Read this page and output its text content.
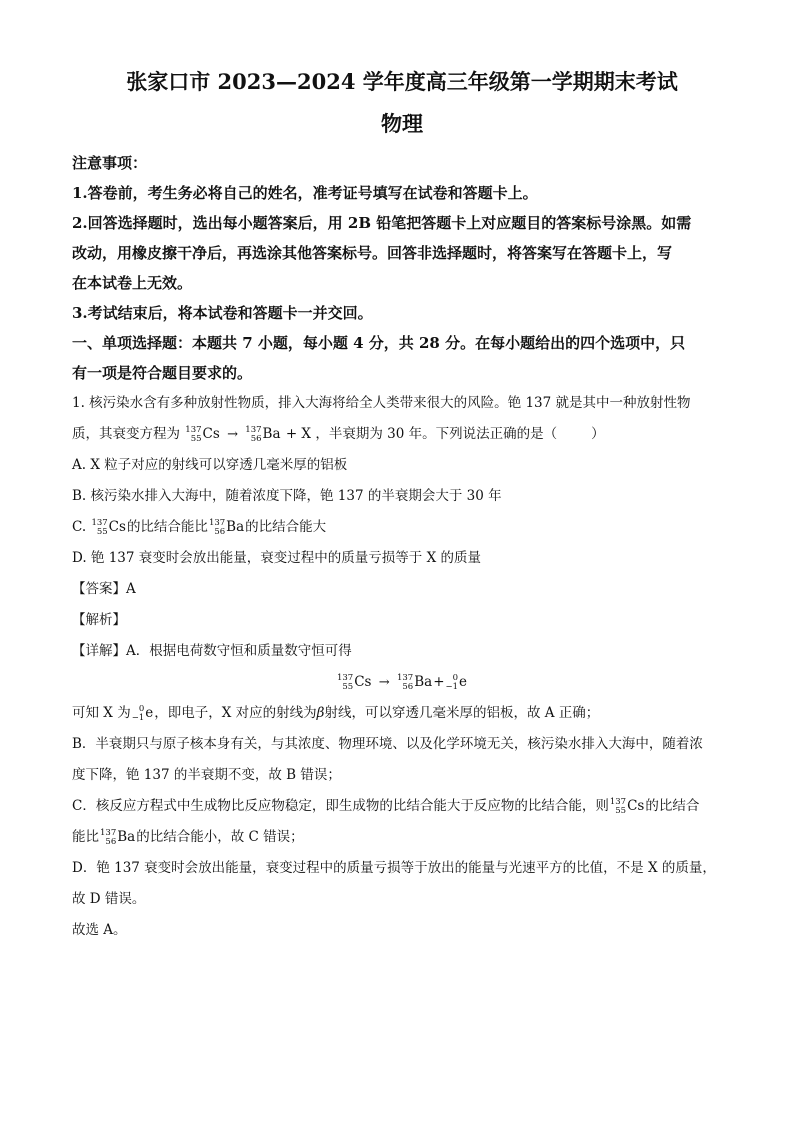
张家口市 2023—2024 学年度高三年级第一学期期末考试

物理

注意事项：

1.答卷前，考生务必将自己的姓名，准考证号填写在试卷和答题卡上。

2.回答选择题时，选出每小题答案后，用 2B 铅笔把答题卡上对应题目的答案标号涂黑。如需

改动，用橡皮擦干净后，再选涂其他答案标号。回答非选择题时，将答案写在答题卡上，写

在本试卷上无效。

3.考试结束后，将本试卷和答题卡一并交回。

一、单项选择题：本题共 7 小题，每小题 4 分，共 28 分。在每小题给出的四个选项中，只

有一项是符合题目要求的。

1. 核污染水含有多种放射性物质，排入大海将给全人类带来很大的风险。铯 137 就是其中一种放射性物

质，其衰变方程为 137
55 Cs → 137
56 Ba + X ，半衰期为 30 年。下列说法正确的是（	）

A. X 粒子对应的射线可以穿透几毫米厚的铝板

B. 核污染水排入大海中，随着浓度下降，铯 137 的半衰期会大于 30 年

C. 137
55 Cs 的比结合能比 137
56 Ba 的比结合能大

D. 铯 137 衰变时会放出能量，衰变过程中的质量亏损等于 X 的质量

【答案】A

【解析】

【详解】A．根据电荷数守恒和质量数守恒可得

137
55 Cs → 137
56 Ba + 0
−1 e

可知 X 为 0
−1 e ，即电子，X 对应的射线为β射线，可以穿透几毫米厚的铝板，故 A 正确；

B．半衰期只与原子核本身有关，与其浓度、物理环境、以及化学环境无关，核污染水排入大海中，随着浓

度下降，铯 137 的半衰期不变，故 B 错误；

C．核反应方程式中生成物比反应物稳定，即生成物的比结合能大于反应物的比结合能，则 137
55 Cs 的比结合

能比 137
56 Ba 的比结合能小，故 C 错误；

D．铯 137 衰变时会放出能量，衰变过程中的质量亏损等于放出的能量与光速平方的比值，不是 X 的质量，

故 D 错误。

故选 A。
